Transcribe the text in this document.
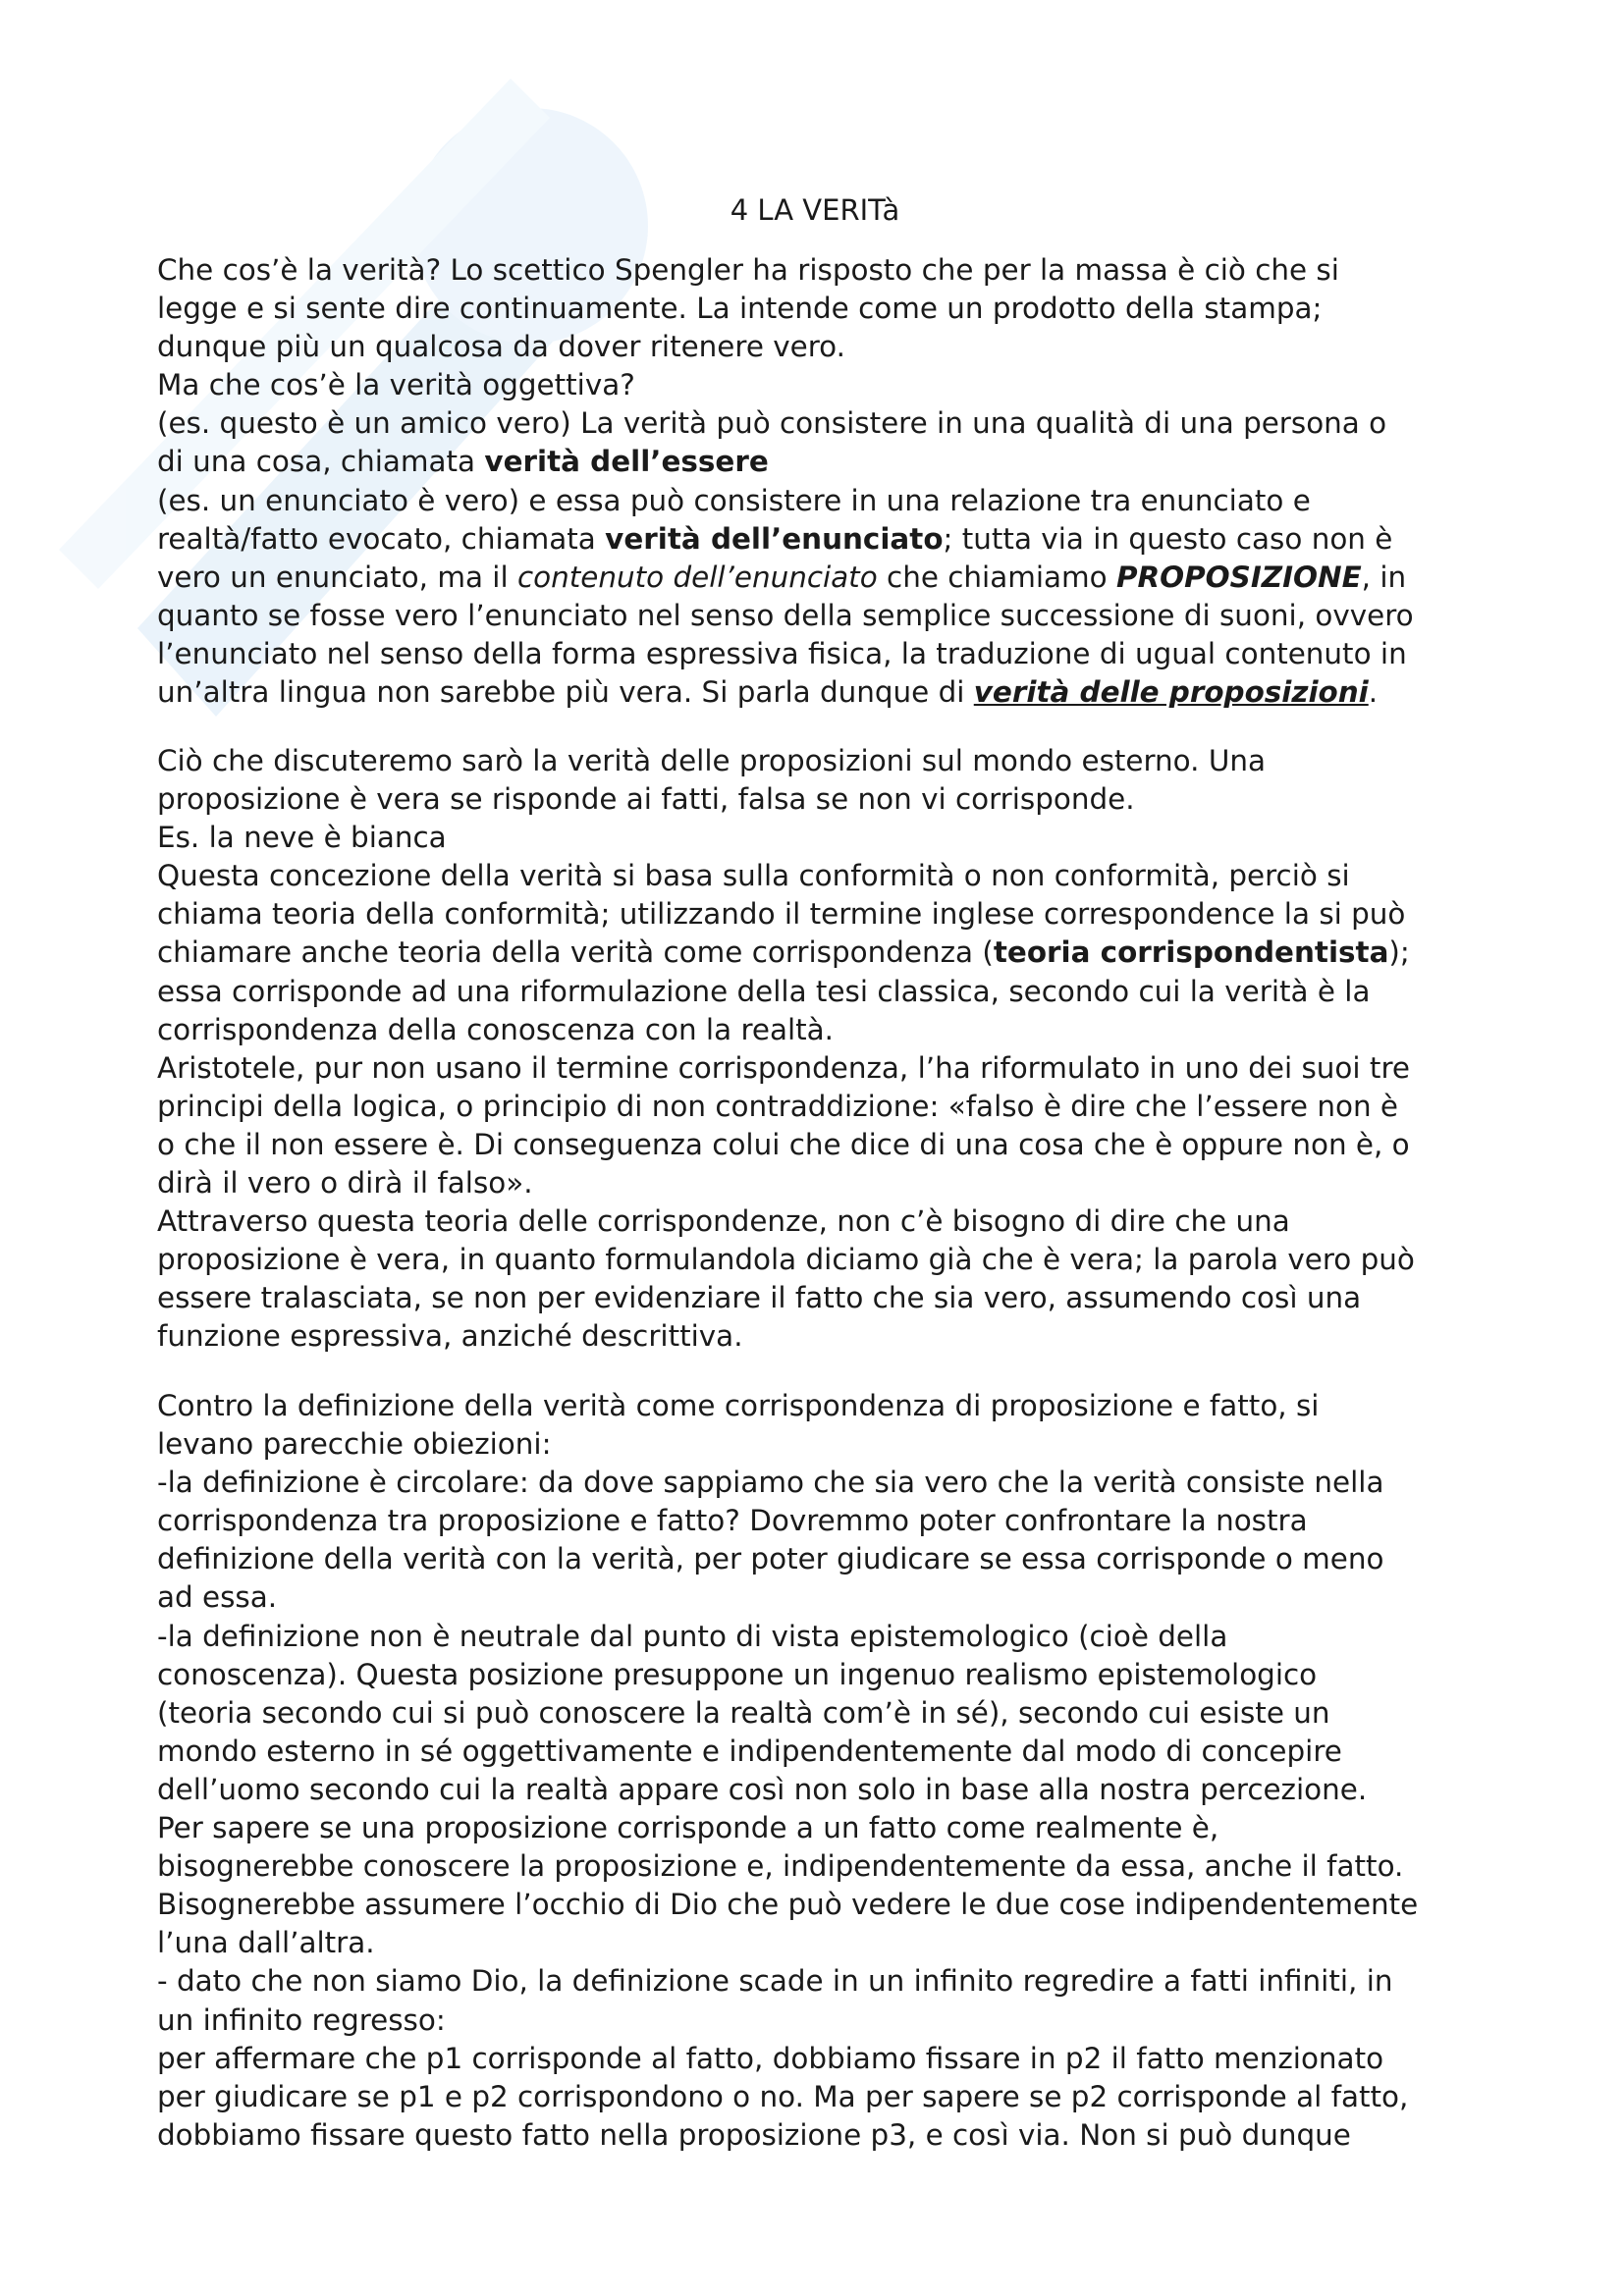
4 LA VERITà
Che cos’è la verità? Lo scettico Spengler ha risposto che per la massa è ciò che si
legge e si sente dire continuamente. La intende come un prodotto della stampa;
dunque più un qualcosa da dover ritenere vero.
Ma che cos’è la verità oggettiva?
(es. questo è un amico vero) La verità può consistere in una qualità di una persona o
di una cosa, chiamata verità dell’essere
(es. un enunciato è vero) e essa può consistere in una relazione tra enunciato e
realtà/fatto evocato, chiamata verità dell’enunciato; tutta via in questo caso non è
vero un enunciato, ma il contenuto dell’enunciato che chiamiamo PROPOSIZIONE, in
quanto se fosse vero l’enunciato nel senso della semplice successione di suoni, ovvero
l’enunciato nel senso della forma espressiva fisica, la traduzione di ugual contenuto in
un’altra lingua non sarebbe più vera. Si parla dunque di verità delle proposizioni.
Ciò che discuteremo sarò la verità delle proposizioni sul mondo esterno. Una
proposizione è vera se risponde ai fatti, falsa se non vi corrisponde.
Es. la neve è bianca
Questa concezione della verità si basa sulla conformità o non conformità, perciò si
chiama teoria della conformità; utilizzando il termine inglese correspondence la si può
chiamare anche teoria della verità come corrispondenza (teoria corrispondentista);
essa corrisponde ad una riformulazione della tesi classica, secondo cui la verità è la
corrispondenza della conoscenza con la realtà.
Aristotele, pur non usano il termine corrispondenza, l’ha riformulato in uno dei suoi tre
principi della logica, o principio di non contraddizione: «falso è dire che l’essere non è
o che il non essere è. Di conseguenza colui che dice di una cosa che è oppure non è, o
dirà il vero o dirà il falso».
Attraverso questa teoria delle corrispondenze, non c’è bisogno di dire che una
proposizione è vera, in quanto formulandola diciamo già che è vera; la parola vero può
essere tralasciata, se non per evidenziare il fatto che sia vero, assumendo così una
funzione espressiva, anziché descrittiva.
Contro la definizione della verità come corrispondenza di proposizione e fatto, si
levano parecchie obiezioni:
-la definizione è circolare: da dove sappiamo che sia vero che la verità consiste nella
corrispondenza tra proposizione e fatto? Dovremmo poter confrontare la nostra
definizione della verità con la verità, per poter giudicare se essa corrisponde o meno
ad essa.
-la definizione non è neutrale dal punto di vista epistemologico (cioè della
conoscenza). Questa posizione presuppone un ingenuo realismo epistemologico
(teoria secondo cui si può conoscere la realtà com’è in sé), secondo cui esiste un
mondo esterno in sé oggettivamente e indipendentemente dal modo di concepire
dell’uomo secondo cui la realtà appare così non solo in base alla nostra percezione.
Per sapere se una proposizione corrisponde a un fatto come realmente è,
bisognerebbe conoscere la proposizione e, indipendentemente da essa, anche il fatto.
Bisognerebbe assumere l’occhio di Dio che può vedere le due cose indipendentemente
l’una dall’altra.
- dato che non siamo Dio, la definizione scade in un infinito regredire a fatti infiniti, in
un infinito regresso:
per affermare che p1 corrisponde al fatto, dobbiamo fissare in p2 il fatto menzionato
per giudicare se p1 e p2 corrispondono o no. Ma per sapere se p2 corrisponde al fatto,
dobbiamo fissare questo fatto nella proposizione p3, e così via. Non si può dunque
